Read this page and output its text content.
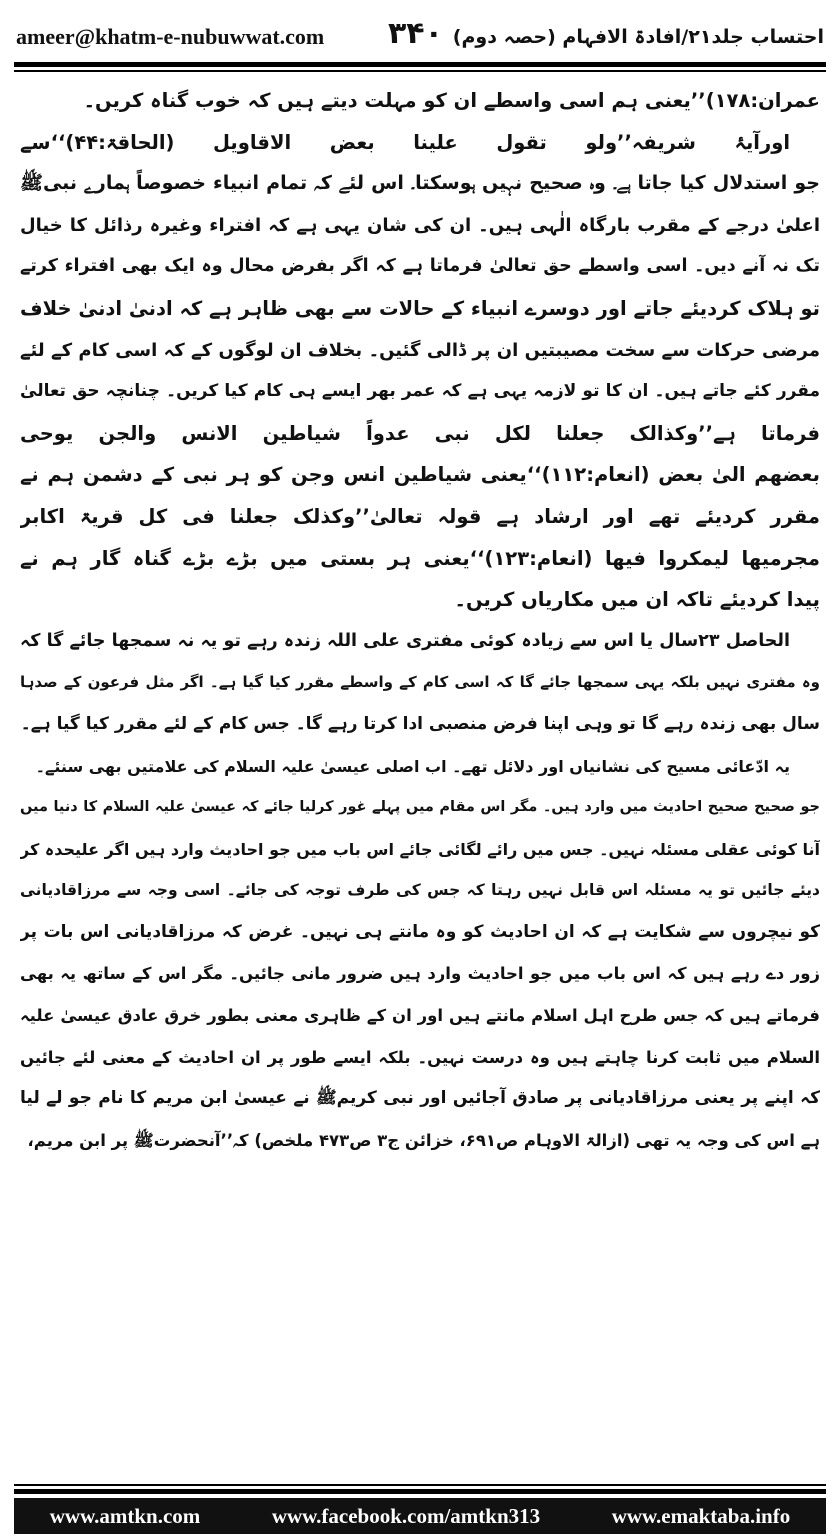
ameer@khatm-e-nubuwwat.com ۳۴۰ احتساب جلد۲۱/افادۃ الافہام (حصہ دوم)
عمران:۱۷۸)’’یعنی ہم اسی واسطے ان کو مہلت دیتے ہیں کہ خوب گناہ کریں۔
اورآیۂ شریفہ’’ولو تقول علینا بعض الاقاویل (الحاقۃ:۴۴)‘‘سے
جو استدلال کیا جاتا ہے۔ وہ صحیح نہیں ہوسکتا۔ اس لئے کہ تمام انبیاء خصوصاً ہمارے نبیﷺ
اعلیٰ درجے کے مقرب بارگاہ الٰہی ہیں۔ ان کی شان یہی ہے کہ افتراء وغیرہ رذائل کا خیال
تک نہ آنے دیں۔ اسی واسطے حق تعالیٰ فرماتا ہے کہ اگر بفرض محال وہ ایک بھی افتراء کرتے
تو ہلاک کردیئے جاتے اور دوسرے انبیاء کے حالات سے بھی ظاہر ہے کہ ادنیٰ ادنیٰ خلاف
مرضی حرکات سے سخت مصیبتیں ان پر ڈالی گئیں۔ بخلاف ان لوگوں کے کہ اسی کام کے لئے
مقرر کئے جاتے ہیں۔ ان کا تو لازمہ یہی ہے کہ عمر بھر ایسے ہی کام کیا کریں۔ چنانچہ حق تعالیٰ
فرماتا ہے’’وکذالک جعلنا لکل نبی عدواً شیاطین الانس والجن یوحی
بعضھم الیٰ بعض (انعام:۱۱۲)‘‘یعنی شیاطین انس وجن کو ہر نبی کے دشمن ہم نے
مقرر کردیئے تھے اور ارشاد ہے قولہ تعالیٰ’’وکذلک جعلنا فی کل قریۃ اکابر
مجرمیھا لیمکروا فیھا (انعام:۱۲۳)‘‘یعنی ہر بستی میں بڑے بڑے گناہ گار ہم نے
پیدا کردیئے تاکہ ان میں مکاریاں کریں۔
الحاصل ۲۳سال یا اس سے زیادہ کوئی مفتری علی اللہ زندہ رہے تو یہ نہ سمجھا جائے گا کہ
وہ مفتری نہیں بلکہ یہی سمجھا جائے گا کہ اسی کام کے واسطے مقرر کیا گیا ہے۔ اگر مثل فرعون کے صدہا
سال بھی زندہ رہے گا تو وہی اپنا فرض منصبی ادا کرتا رہے گا۔ جس کام کے لئے مقرر کیا گیا ہے۔
یہ ادّعائی مسیح کی نشانیاں اور دلائل تھے۔ اب اصلی عیسیٰ علیہ السلام کی علامتیں بھی سنئے۔
جو صحیح صحیح احادیث میں وارد ہیں۔ مگر اس مقام میں پہلے غور کرلیا جائے کہ عیسیٰ علیہ السلام کا دنیا میں
آنا کوئی عقلی مسئلہ نہیں۔ جس میں رائے لگائی جائے اس باب میں جو احادیث وارد ہیں اگر علیحدہ کر
دیئے جائیں تو یہ مسئلہ اس قابل نہیں رہتا کہ جس کی طرف توجہ کی جائے۔ اسی وجہ سے مرزاقادیانی
کو نیچروں سے شکایت ہے کہ ان احادیث کو وہ مانتے ہی نہیں۔ غرض کہ مرزاقادیانی اس بات پر
زور دے رہے ہیں کہ اس باب میں جو احادیث وارد ہیں ضرور مانی جائیں۔ مگر اس کے ساتھ یہ بھی
فرماتے ہیں کہ جس طرح اہل اسلام مانتے ہیں اور ان کے ظاہری معنی بطور خرق عادق عیسیٰ علیہ
السلام میں ثابت کرنا چاہتے ہیں وہ درست نہیں۔ بلکہ ایسے طور پر ان احادیث کے معنی لئے جائیں
کہ اپنے پر یعنی مرزاقادیانی پر صادق آجائیں اور نبی کریمﷺ نے عیسیٰ ابن مریم کا نام جو لے لیا
ہے اس کی وجہ یہ تھی (ازالۃ الاوہام ص۶۹۱، خزائن ج۳ ص۴۷۳ ملخص) کہ’’آنحضرتﷺ پر ابن مریم،
www.amtkn.com	www.facebook.com/amtkn313	www.emaktaba.info
